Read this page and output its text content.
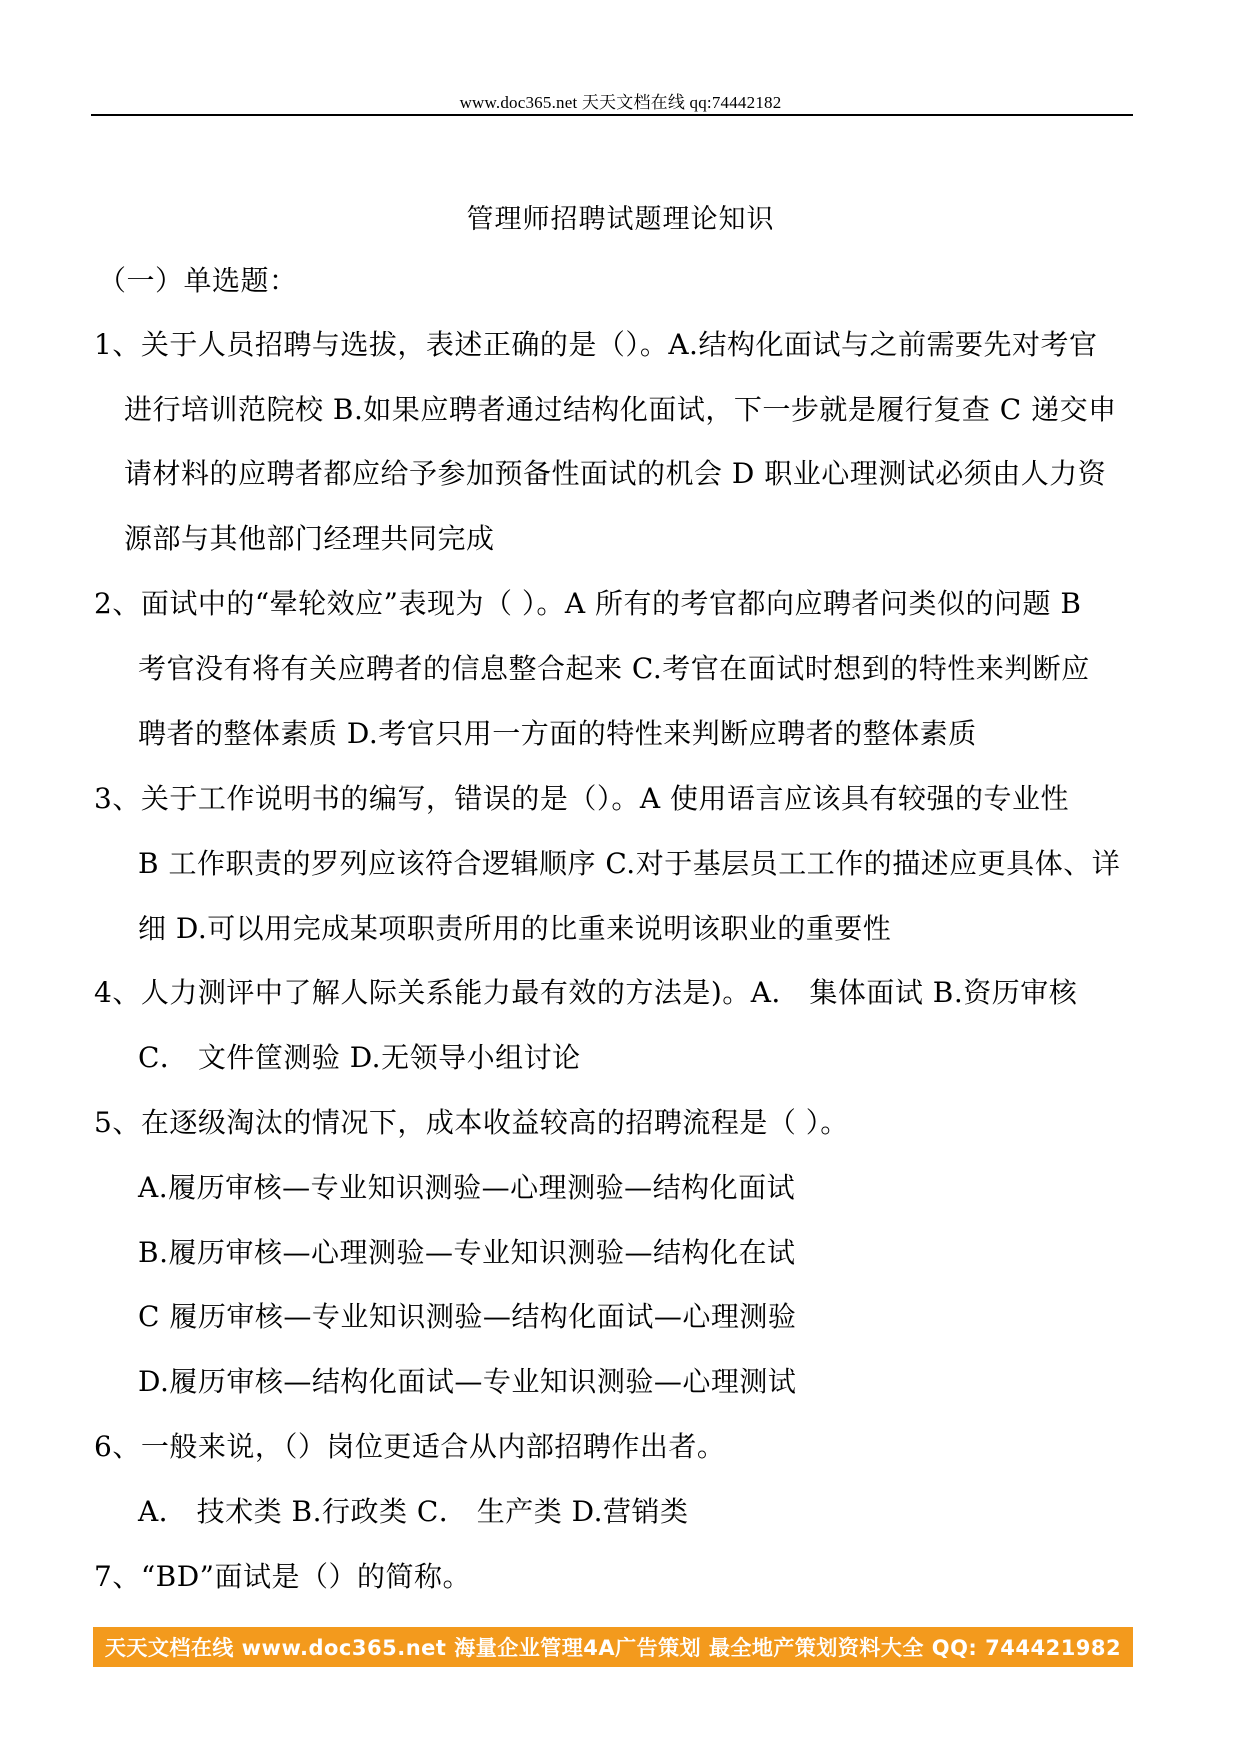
www.doc365.net 天天文档在线 qq:74442182
管理师招聘试题理论知识
（一）单选题：
1、关于人员招聘与选拔，表述正确的是（）。A.结构化面试与之前需要先对考官
进行培训范院校 B.如果应聘者通过结构化面试，下一步就是履行复查 C 递交申
请材料的应聘者都应给予参加预备性面试的机会 D 职业心理测试必须由人力资
源部与其他部门经理共同完成
2、面试中的“晕轮效应”表现为（ ）。A 所有的考官都向应聘者问类似的问题 B
考官没有将有关应聘者的信息整合起来 C.考官在面试时想到的特性来判断应
聘者的整体素质 D.考官只用一方面的特性来判断应聘者的整体素质
3、关于工作说明书的编写，错误的是（）。A 使用语言应该具有较强的专业性
B 工作职责的罗列应该符合逻辑顺序 C.对于基层员工工作的描述应更具体、详
细 D.可以用完成某项职责所用的比重来说明该职业的重要性
4、人力测评中了解人际关系能力最有效的方法是)。A． 集体面试 B.资历审核
C． 文件筐测验 D.无领导小组讨论
5、在逐级淘汰的情况下，成本收益较高的招聘流程是（ ）。
A.履历审核—专业知识测验—心理测验—结构化面试
B.履历审核—心理测验—专业知识测验—结构化在试
C 履历审核—专业知识测验—结构化面试—心理测验
D.履历审核—结构化面试—专业知识测验—心理测试
6、一般来说，（）岗位更适合从内部招聘作出者。
A． 技术类 B.行政类 C． 生产类 D.营销类
7、“BD”面试是（）的简称。
天天文档在线 www.doc365.net 海量企业管理4A广告策划 最全地产策划资料大全 QQ: 744421982
